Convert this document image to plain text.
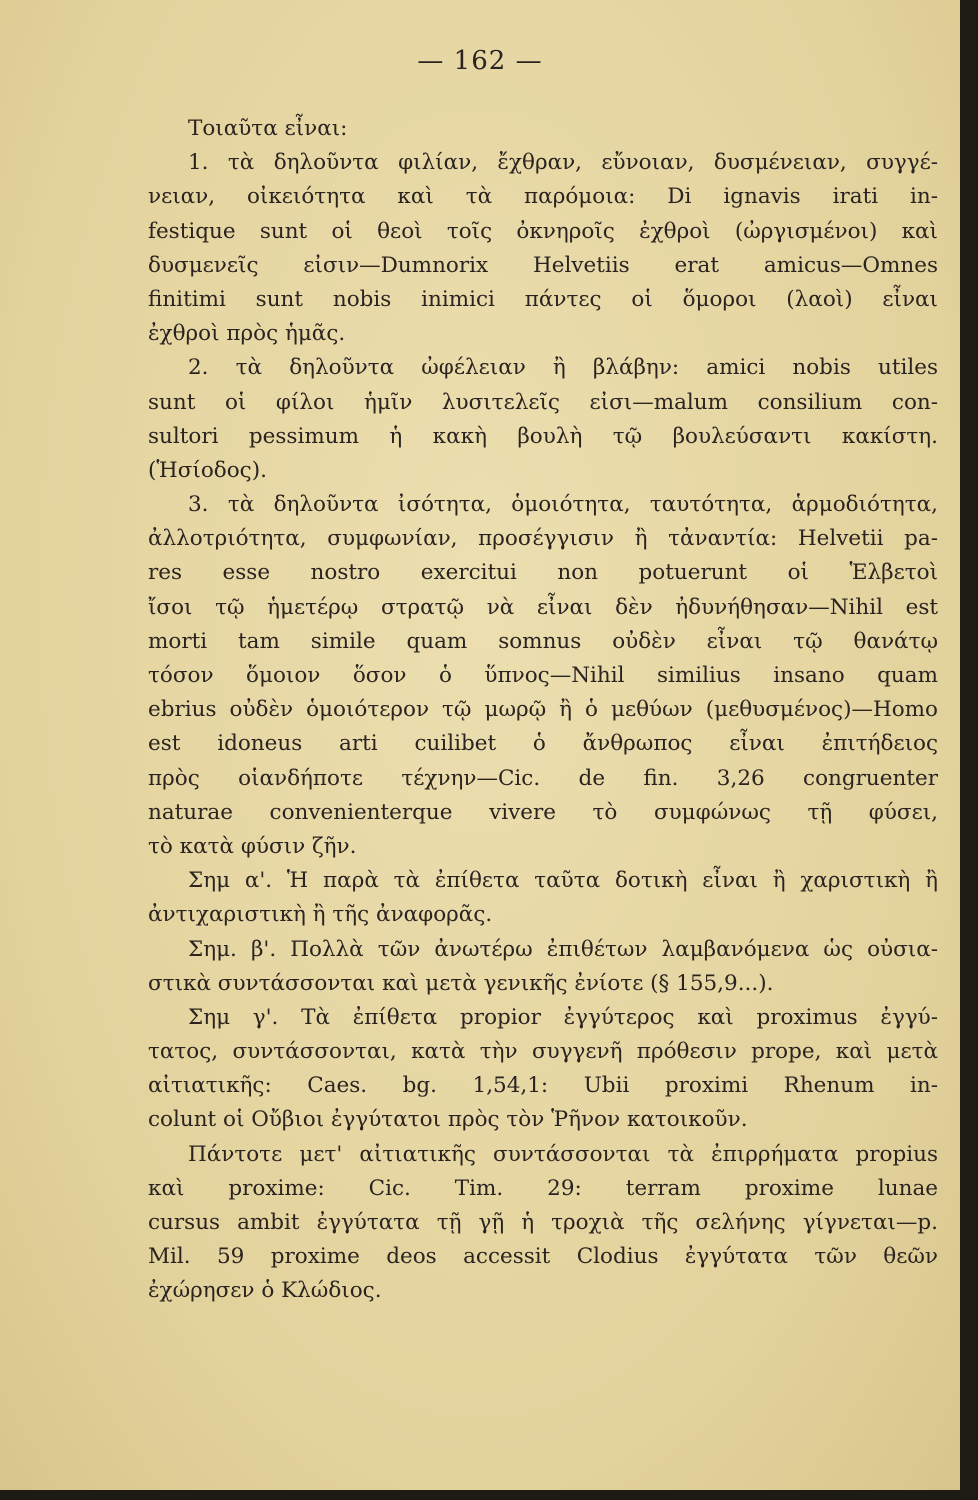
— 162 —
Τοιαῦτα εἶναι:
1. τὰ δηλοῦντα φιλίαν, ἔχθραν, εὔνοιαν, δυσμένειαν, συγγέ-
νειαν, οἰκειότητα καὶ τὰ παρόμοια: Di ignavis irati in-
festique sunt οἱ θεοὶ τοῖς ὀκνηροῖς ἐχθροὶ (ὠργισμένοι) καὶ
δυσμενεῖς εἰσιν—Dumnorix Helvetiis erat amicus—Omnes
finitimi sunt nobis inimici πάντες οἱ ὅμοροι (λαοὶ) εἶναι
ἐχθροὶ πρὸς ἡμᾶς.
2. τὰ δηλοῦντα ὠφέλειαν ἢ βλάβην: amici nobis utiles
sunt οἱ φίλοι ἡμῖν λυσιτελεῖς εἰσι—malum consilium con-
sultori pessimum ἡ κακὴ βουλὴ τῷ βουλεύσαντι κακίστη.
(Ἡσίοδος).
3. τὰ δηλοῦντα ἰσότητα, ὁμοιότητα, ταυτότητα, ἁρμοδιότητα,
ἀλλοτριότητα, συμφωνίαν, προσέγγισιν ἢ τἀναντία: Helvetii pa-
res esse nostro exercitui non potuerunt οἱ Ἑλβετοὶ
ἴσοι τῷ ἡμετέρῳ στρατῷ νὰ εἶναι δὲν ἠδυνήθησαν—Nihil est
morti tam simile quam somnus οὐδὲν εἶναι τῷ θανάτῳ
τόσον ὅμοιον ὅσον ὁ ὕπνος—Nihil similius insano quam
ebrius οὐδὲν ὁμοιότερον τῷ μωρῷ ἢ ὁ μεθύων (μεθυσμένος)—Homo
est idoneus arti cuilibet ὁ ἄνθρωπος εἶναι ἐπιτήδειος
πρὸς οἱανδήποτε τέχνην—Cic. de fin. 3,26 congruenter
naturae convenienterque vivere τὸ συμφώνως τῇ φύσει,
τὸ κατὰ φύσιν ζῆν.
Σημ α'. Ἡ παρὰ τὰ ἐπίθετα ταῦτα δοτικὴ εἶναι ἢ χαριστικὴ ἢ
ἀντιχαριστικὴ ἢ τῆς ἀναφορᾶς.
Σημ. β'. Πολλὰ τῶν ἀνωτέρω ἐπιθέτων λαμβανόμενα ὡς οὐσια-
στικὰ συντάσσονται καὶ μετὰ γενικῆς ἐνίοτε (§ 155,9...).
Σημ γ'. Τὰ ἐπίθετα propior ἐγγύτερος καὶ proximus ἐγγύ-
τατος, συντάσσονται, κατὰ τὴν συγγενῆ πρόθεσιν prope, καὶ μετὰ
αἰτιατικῆς: Caes. bg. 1,54,1: Ubii proximi Rhenum in-
colunt οἱ Οὔβιοι ἐγγύτατοι πρὸς τὸν Ῥῆνον κατοικοῦν.
Πάντοτε μετ' αἰτιατικῆς συντάσσονται τὰ ἐπιρρήματα propius
καὶ proxime: Cic. Tim. 29: terram proxime lunae
cursus ambit ἐγγύτατα τῇ γῇ ἡ τροχιὰ τῆς σελήνης γίγνεται—p.
Mil. 59 proxime deos accessit Clodius ἐγγύτατα τῶν θεῶν
ἐχώρησεν ὁ Κλώδιος.
